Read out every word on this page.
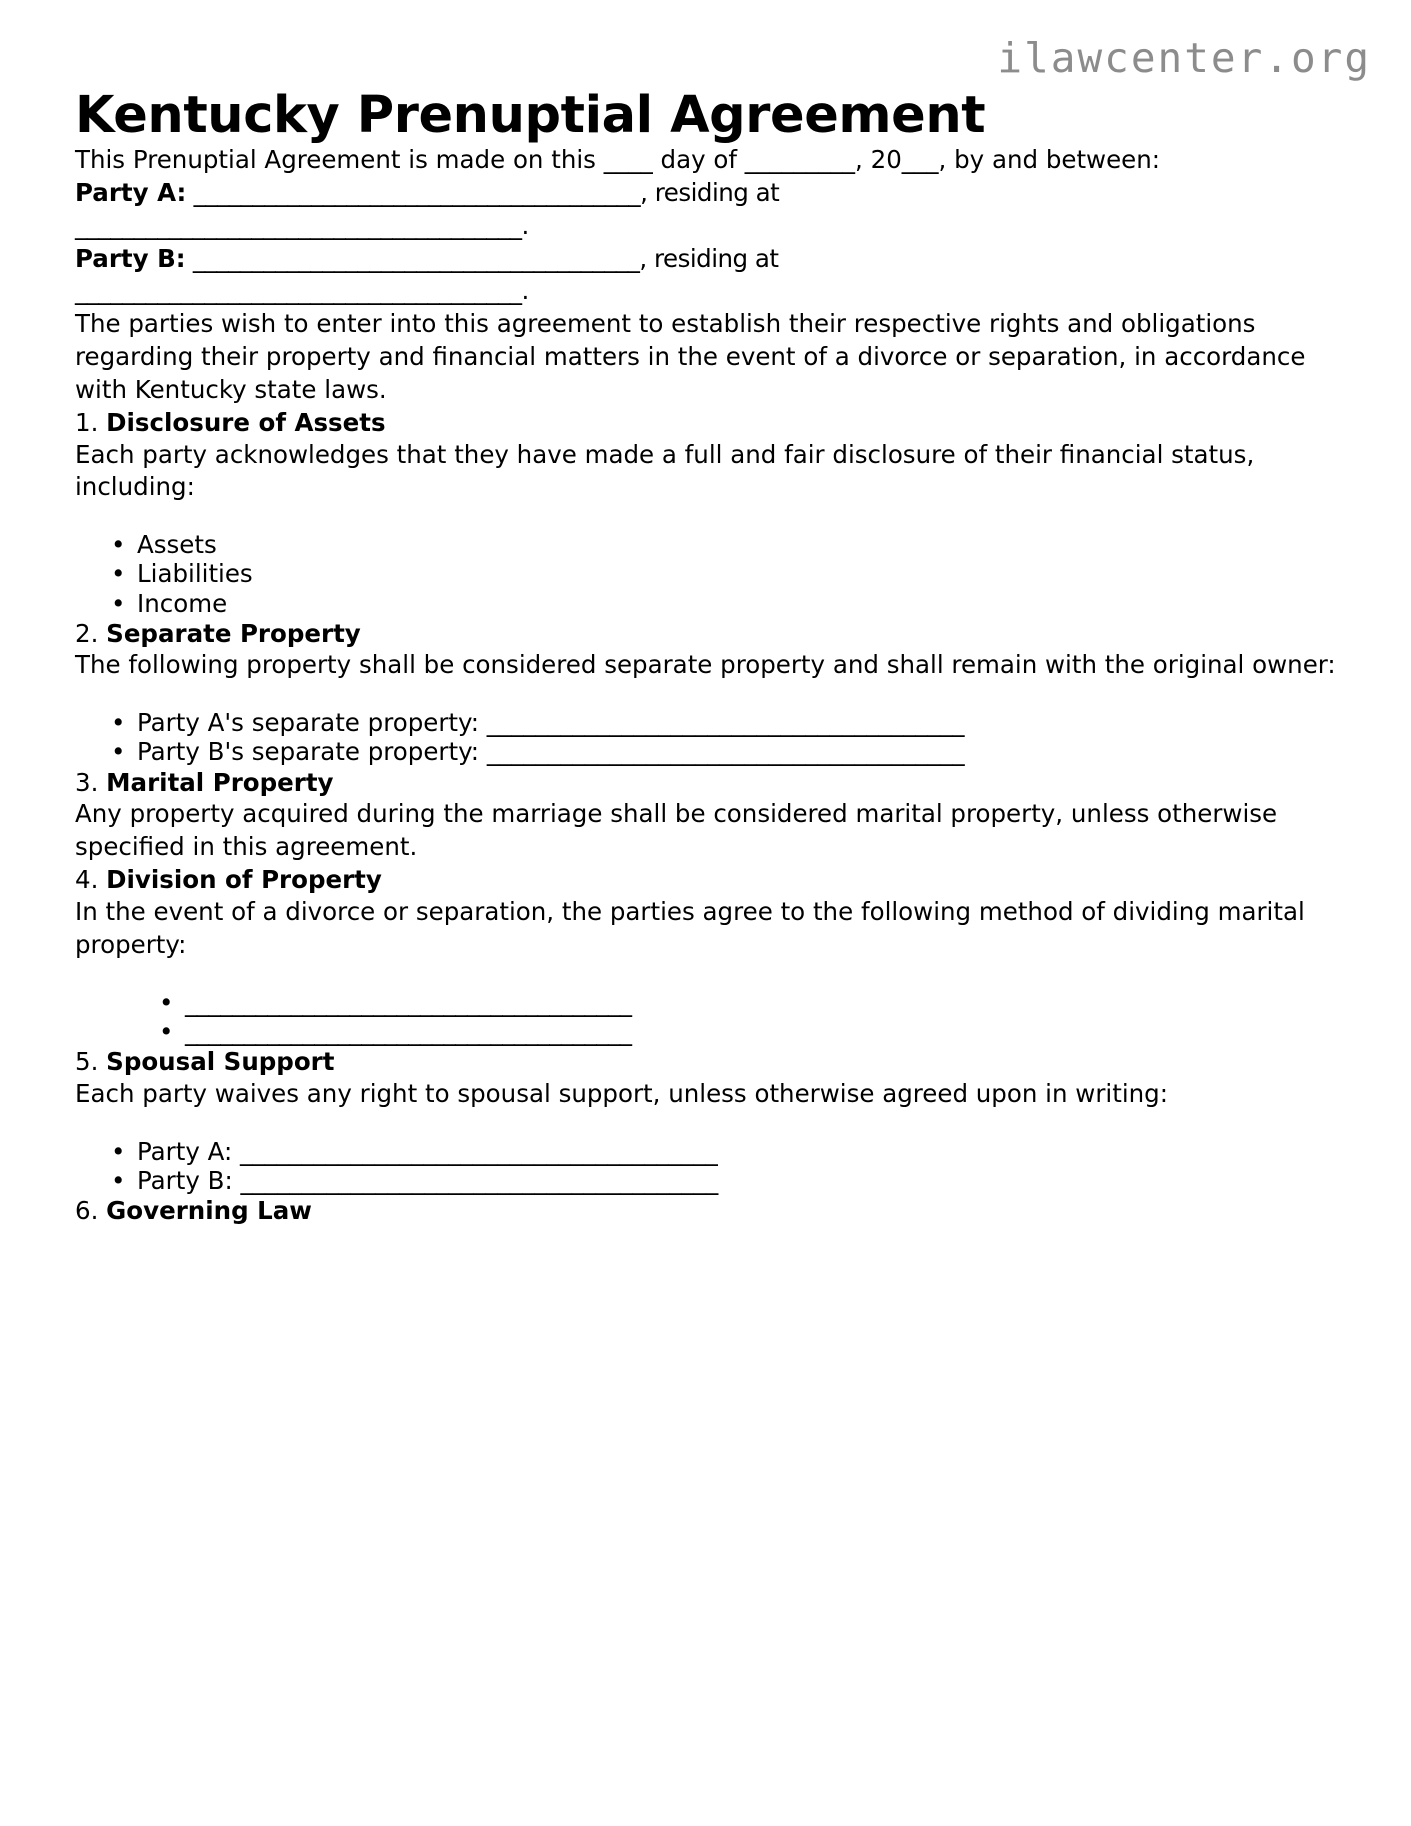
ilawcenter.org
Kentucky Prenuptial Agreement

This Prenuptial Agreement is made on this ____ day of _________, 20___, by and between:

Party A: ______________________________________, residing at

______________________________________.

Party B: ______________________________________, residing at

______________________________________.

The parties wish to enter into this agreement to establish their respective rights and obligations regarding their property and financial matters in the event of a divorce or separation, in accordance with Kentucky state laws.

1. Disclosure of Assets

Each party acknowledges that they have made a full and fair disclosure of their financial status, including:

• Assets
• Liabilities
• Income
2. Separate Property

The following property shall be considered separate property and shall remain with the original owner:

• Party A's separate property: _______________________________________
• Party B's separate property: _______________________________________
3. Marital Property

Any property acquired during the marriage shall be considered marital property, unless otherwise specified in this agreement.

4. Division of Property

In the event of a divorce or separation, the parties agree to the following method of dividing marital property:

• ______________________________________
• ______________________________________
5. Spousal Support

Each party waives any right to spousal support, unless otherwise agreed upon in writing:

• Party A: _______________________________________
• Party B: _______________________________________
6. Governing Law
